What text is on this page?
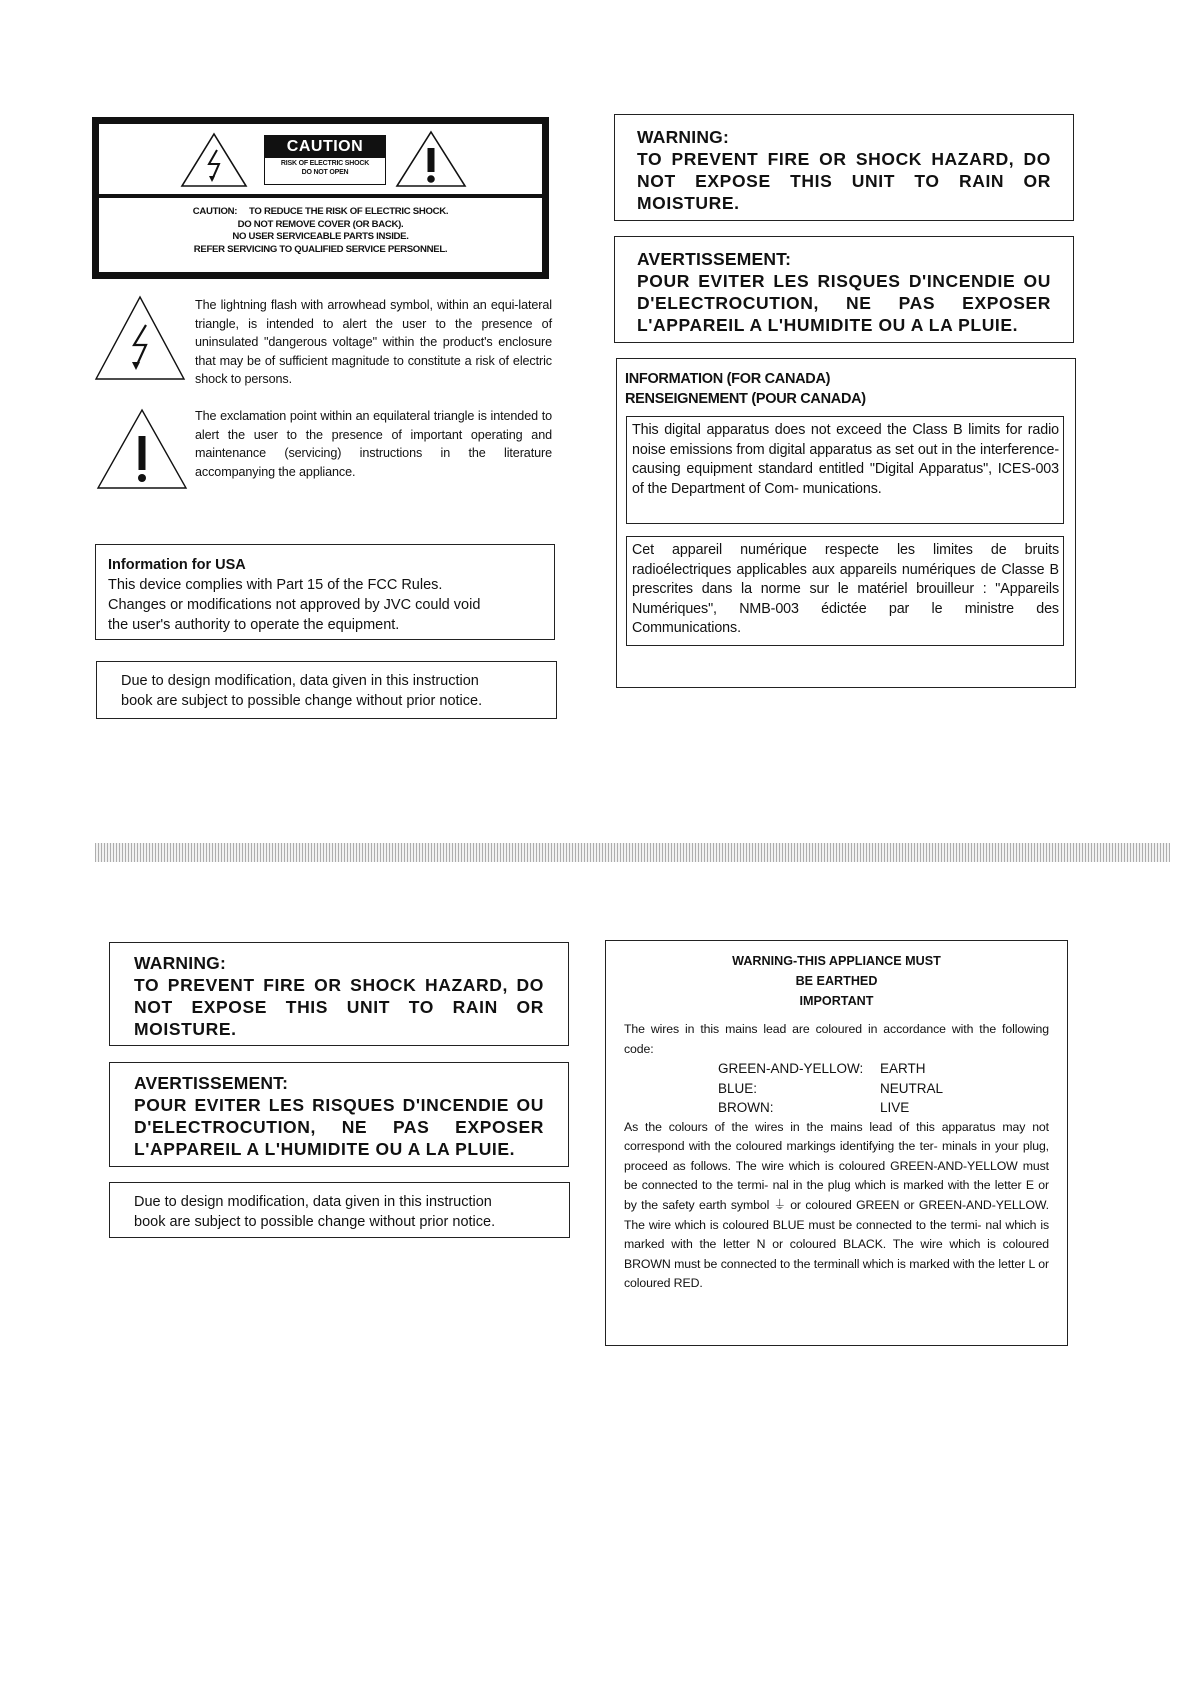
CAUTION
RISK OF ELECTRIC SHOCK
DO NOT OPEN
CAUTION:     TO REDUCE THE RISK OF ELECTRIC SHOCK.
DO NOT REMOVE COVER (OR BACK).
NO USER SERVICEABLE PARTS INSIDE.
REFER SERVICING TO QUALIFIED SERVICE PERSONNEL.
The lightning flash with arrowhead symbol, within an equi-lateral triangle, is intended to alert the user to the presence of uninsulated "dangerous voltage" within the product's enclosure that may be of sufficient magnitude to constitute a risk of electric shock to persons.
The exclamation point within an equilateral triangle is intended to alert the user to the presence of important operating and maintenance (servicing) instructions in the literature accompanying the appliance.
Information for USA
This device complies with Part 15 of the FCC Rules.
Changes or modifications not approved by JVC could void
the user's authority to operate the equipment.
Due to design modification, data given in this instruction
book are subject to possible change without prior notice.
WARNING:
TO PREVENT FIRE OR SHOCK HAZARD, DO NOT EXPOSE THIS UNIT TO RAIN OR MOISTURE.
AVERTISSEMENT:
POUR EVITER LES RISQUES D'INCENDIE OU D'ELECTROCUTION, NE PAS EXPOSER L'APPAREIL A L'HUMIDITE OU A LA PLUIE.
INFORMATION (FOR CANADA)
RENSEIGNEMENT (POUR CANADA)
This digital apparatus does not exceed the Class B limits for radio noise emissions from digital apparatus as set out in the interference-causing equipment standard entitled "Digital Apparatus", ICES-003 of the Department of Com- munications.
Cet appareil numérique respecte les limites de bruits radioélectriques applicables aux appareils numériques de Classe B prescrites dans la norme sur le matériel brouilleur : "Appareils Numériques", NMB-003 édictée par le ministre des Communications.
WARNING:
TO PREVENT FIRE OR SHOCK HAZARD, DO NOT EXPOSE THIS UNIT TO RAIN OR MOISTURE.
AVERTISSEMENT:
POUR EVITER LES RISQUES D'INCENDIE OU D'ELECTROCUTION, NE PAS EXPOSER L'APPAREIL A L'HUMIDITE OU A LA PLUIE.
Due to design modification, data given in this instruction
book are subject to possible change without prior notice.
WARNING-THIS APPLIANCE MUST
BE EARTHED
IMPORTANT
The wires in this mains lead are coloured in accordance with the following code:
GREEN-AND-YELLOW:	EARTH
BLUE:	NEUTRAL
BROWN:	LIVE
As the colours of the wires in the mains lead of this apparatus may not correspond with the coloured markings identifying the ter- minals in your plug, proceed as follows. The wire which is coloured GREEN-AND-YELLOW must be connected to the termi- nal in the plug which is marked with the letter E or by the safety earth symbol ⏚ or coloured GREEN or GREEN-AND-YELLOW. The wire which is coloured BLUE must be connected to the termi- nal which is marked with the letter N or coloured BLACK. The wire which is coloured BROWN must be connected to the terminall which is marked with the letter L or coloured RED.
